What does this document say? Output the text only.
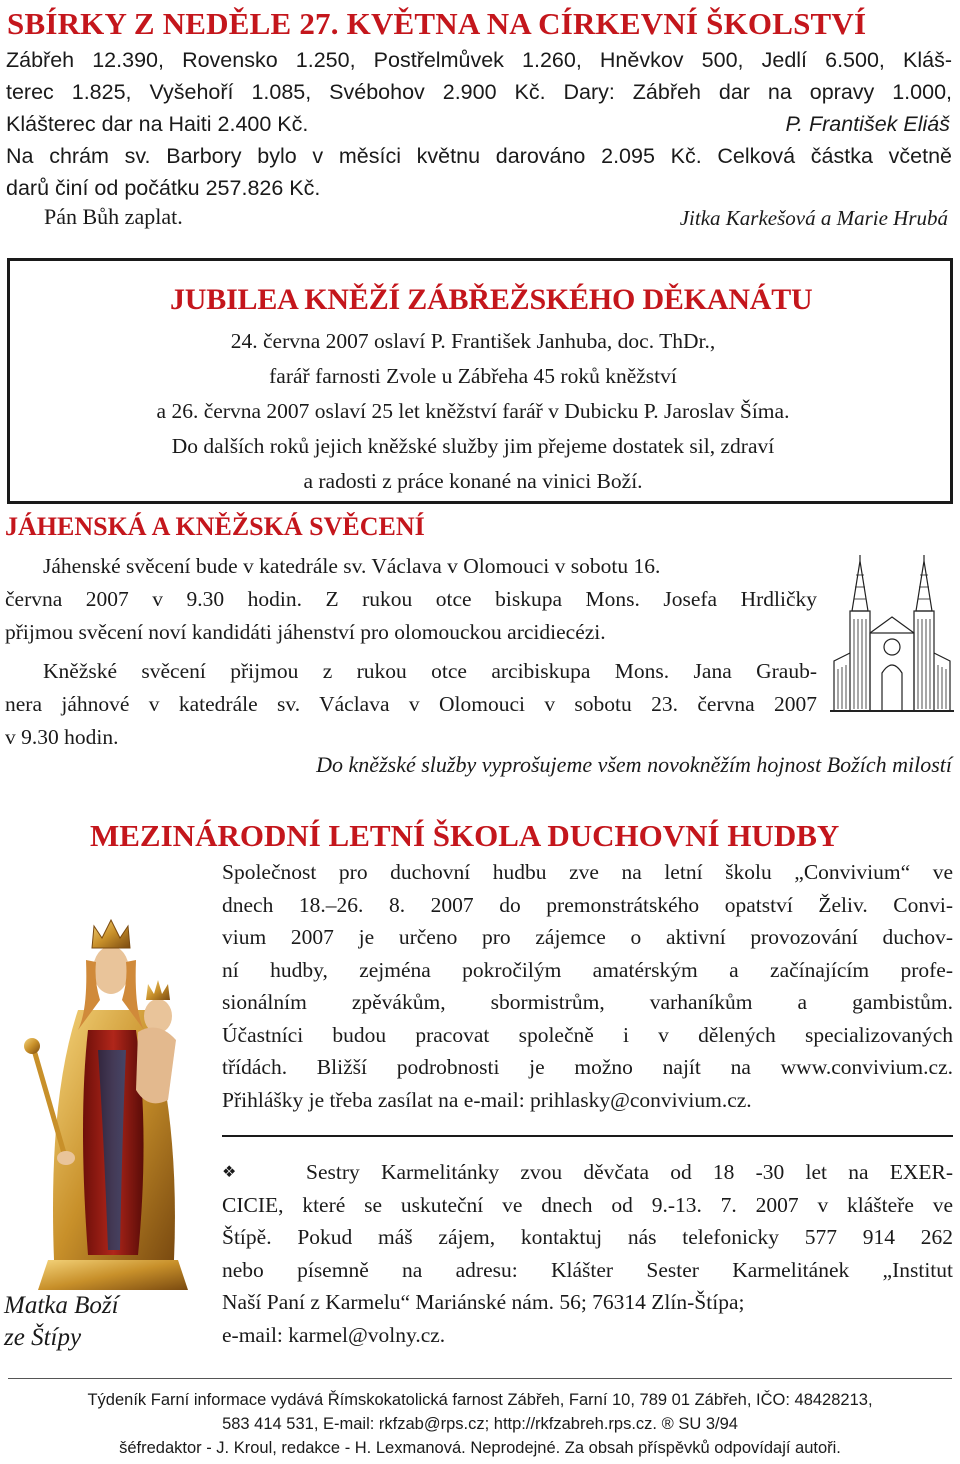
SBÍRKY Z NEDĚLE 27. KVĚTNA NA CÍRKEVNÍ ŠKOLSTVÍ
Zábřeh 12.390, Rovensko 1.250, Postřelmůvek 1.260, Hněvkov 500, Jedlí 6.500, Kláš-
terec 1.825, Vyšehoří 1.085, Svébohov 2.900 Kč. Dary: Zábřeh dar na opravy 1.000,
Klášterec dar na Haiti 2.400 Kč.	P. František Eliáš
Na chrám sv. Barbory bylo v měsíci květnu darováno 2.095 Kč. Celková částka včetně
darů činí od počátku 257.826 Kč.
Pán Bůh zaplat.	Jitka Karkešová a Marie Hrubá
JUBILEA KNĚŽÍ ZÁBŘEŽSKÉHO DĚKANÁTU
24. června 2007 oslaví P. František Janhuba, doc. ThDr.,
farář farnosti Zvole u Zábřeha 45 roků kněžství
a 26. června 2007 oslaví 25 let kněžství farář v Dubicku P. Jaroslav Šíma.
Do dalších roků jejich kněžské služby jim přejeme dostatek sil, zdraví
a radosti z práce konané na vinici Boží.
JÁHENSKÁ A KNĚŽSKÁ SVĚCENÍ
Jáhenské svěcení bude v katedrále sv. Václava v Olomouci v sobotu 16.
června 2007 v 9.30 hodin. Z rukou otce biskupa Mons. Josefa Hrdličky
přijmou svěcení noví kandidáti jáhenství pro olomouckou arcidiecézi.
Kněžské svěcení přijmou z rukou otce arcibiskupa Mons. Jana Graub-
nera jáhnové v katedrále sv. Václava v Olomouci v sobotu 23. června 2007
v 9.30 hodin.
Do kněžské služby vyprošujeme všem novokněžím hojnost Božích milostí
MEZINÁRODNÍ LETNÍ ŠKOLA DUCHOVNÍ HUDBY
Společnost pro duchovní hudbu zve na letní školu „Convivium“ ve
dnech 18.–26. 8. 2007 do premonstrátského opatství Želiv. Convi-
vium 2007 je určeno pro zájemce o aktivní provozování duchov-
ní hudby, zejména pokročilým amatérským a začínajícím profe-
sionálním zpěvákům, sbormistrům, varhaníkům a gambistům.
Účastníci budou pracovat společně i v dělených specializovaných
třídách. Bližší podrobnosti je možno najít na www.convivium.cz.
Přihlášky je třeba zasílat na e-mail: prihlasky@convivium.cz.
❖	Sestry Karmelitánky zvou děvčata od 18 -30 let na EXER-
CICIE, které se uskuteční ve dnech od 9.-13. 7. 2007 v klášteře ve
Štípě. Pokud máš zájem, kontaktuj nás telefonicky 577 914 262
nebo písemně na adresu: Klášter Sester Karmelitánek „Institut
Naší Paní z Karmelu“ Mariánské nám. 56; 76314 Zlín-Štípa;
e-mail: karmel@volny.cz.
Matka Boží
ze Štípy
Týdeník Farní informace vydává Římskokatolická farnost Zábřeh, Farní 10, 789 01 Zábřeh, IČO: 48428213,
583 414 531, E-mail: rkfzab@rps.cz; http://rkfzabreh.rps.cz. ® SU 3/94
šéfredaktor - J. Kroul, redakce - H. Lexmanová. Neprodejné. Za obsah příspěvků odpovídají autoři.
